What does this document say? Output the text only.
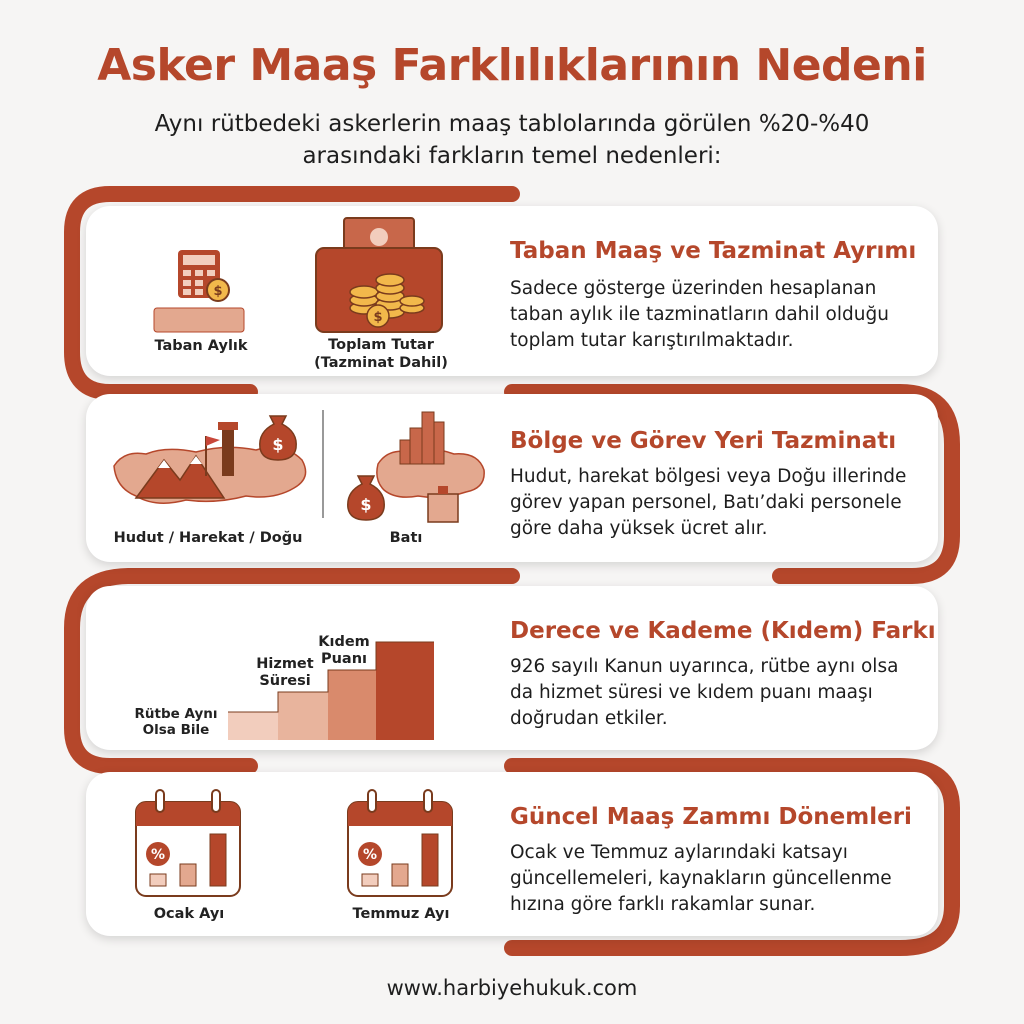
Asker Maaş Farklılıklarının Nedeni
Aynı rütbedeki askerlerin maaş tablolarında görülen %20-%40 arasındaki farkların temel nedenleri:
$
$
Taban Aylık	Toplam Tutar
(Tazminat Dahil)
Taban Maaş ve Tazminat Ayrımı
Sadece gösterge üzerinden hesaplanan taban aylık ile tazminatların dahil olduğu toplam tutar karıştırılmaktadır.
$
$
Hudut / Harekat / Doğu	Batı
Bölge ve Görev Yeri Tazminatı
Hudut, harekat bölgesi veya Doğu illerinde görev yapan personel, Batı’daki personele göre daha yüksek ücret alır.
Rütbe Aynı
Olsa Bile
Hizmet
Süresi
Kıdem
Puanı
Derece ve Kademe (Kıdem) Farkı
926 sayılı Kanun uyarınca, rütbe aynı olsa da hizmet süresi ve kıdem puanı maaşı doğrudan etkiler.
%	%
Ocak Ayı	Temmuz Ayı
Güncel Maaş Zammı Dönemleri
Ocak ve Temmuz aylarındaki katsayı güncellemeleri, kaynakların güncellenme hızına göre farklı rakamlar sunar.
www.harbiyehukuk.com
